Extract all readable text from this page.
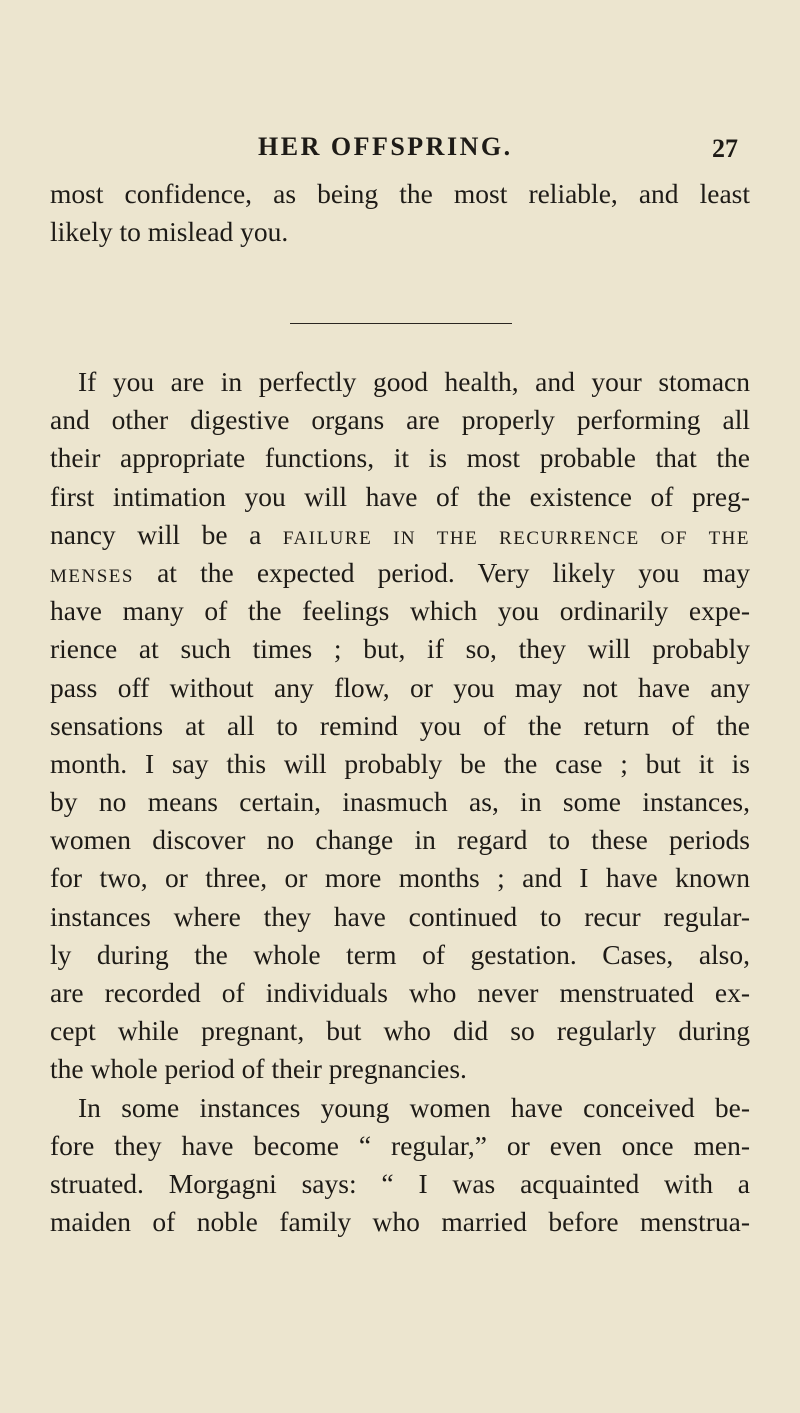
HER OFFSPRING.	27
most confidence, as being the most reliable, and least
likely to mislead you.
If you are in perfectly good health, and your stomacn
and other digestive organs are properly performing all
their appropriate functions, it is most probable that the
first intimation you will have of the existence of preg-
nancy will be a FAILURE IN THE RECURRENCE OF THE
MENSES at the expected period. Very likely you may
have many of the feelings which you ordinarily expe-
rience at such times ; but, if so, they will probably
pass off without any flow, or you may not have any
sensations at all to remind you of the return of the
month. I say this will probably be the case ; but it is
by no means certain, inasmuch as, in some instances,
women discover no change in regard to these periods
for two, or three, or more months ; and I have known
instances where they have continued to recur regular-
ly during the whole term of gestation. Cases, also,
are recorded of individuals who never menstruated ex-
cept while pregnant, but who did so regularly during
the whole period of their pregnancies.
In some instances young women have conceived be-
fore they have become “ regular,” or even once men-
struated. Morgagni says: “ I was acquainted with a
maiden of noble family who married before menstrua-
